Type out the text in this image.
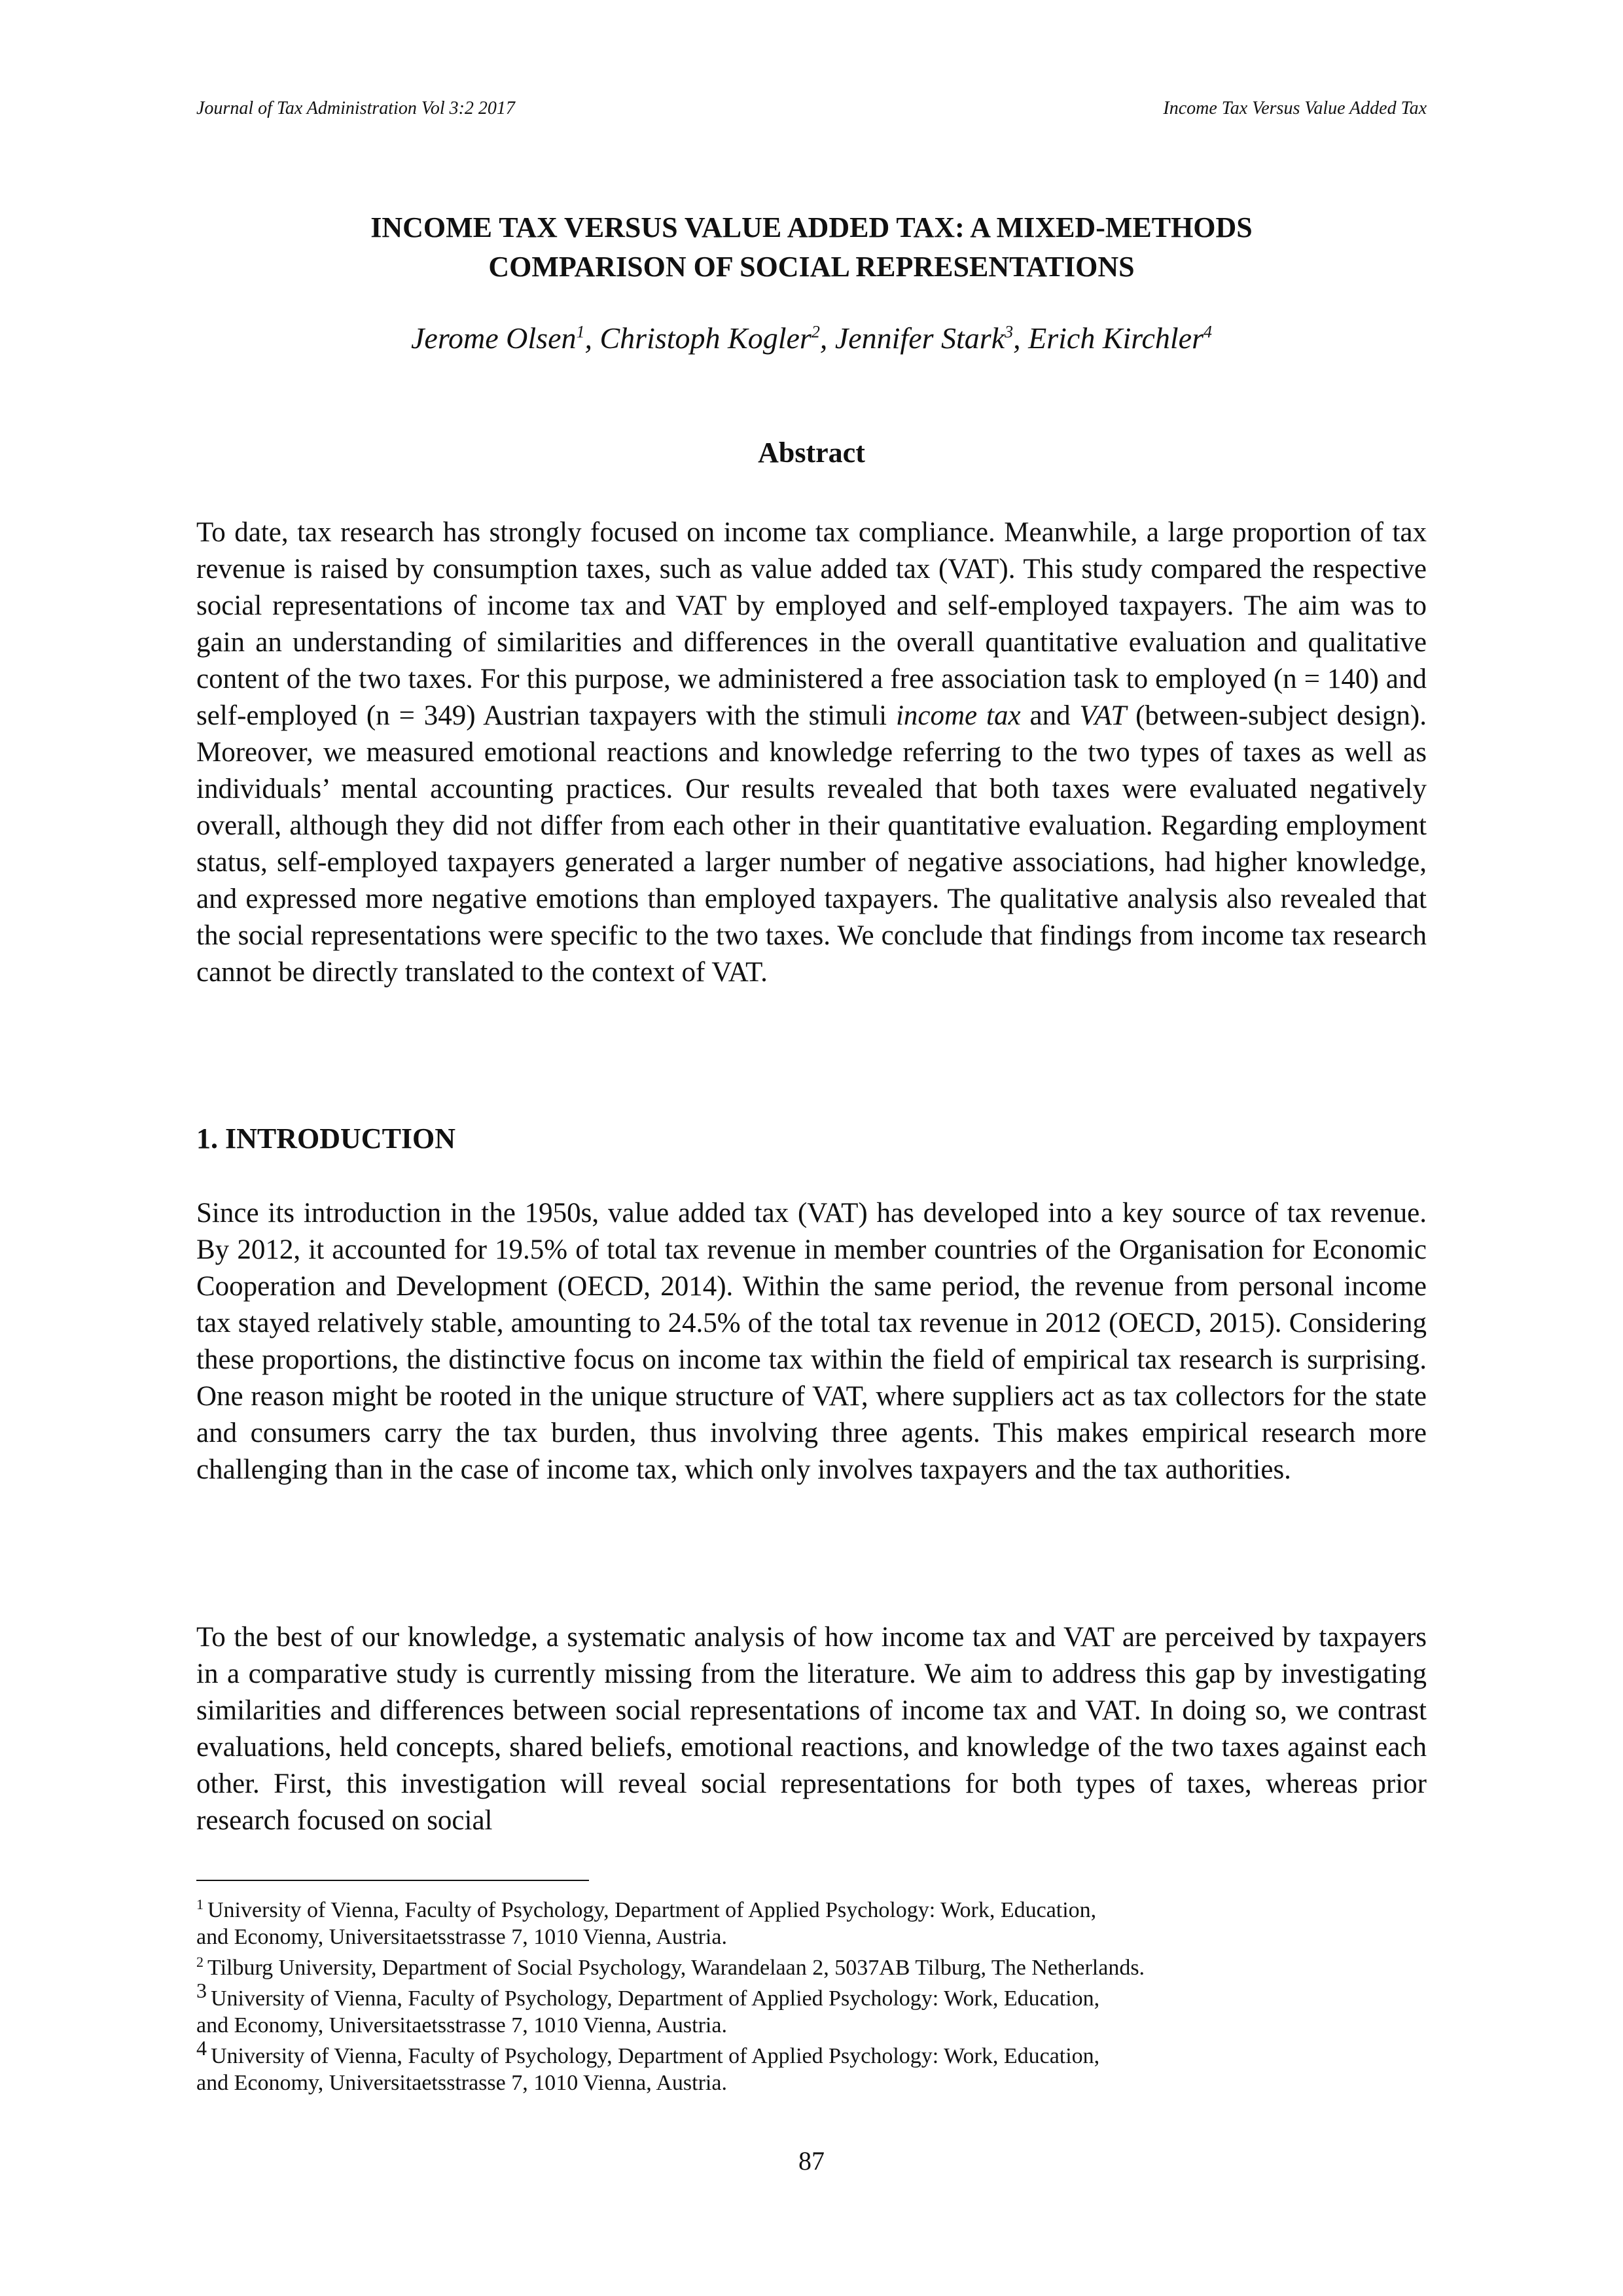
Journal of Tax Administration Vol 3:2 2017	Income Tax Versus Value Added Tax
INCOME TAX VERSUS VALUE ADDED TAX: A MIXED-METHODS
COMPARISON OF SOCIAL REPRESENTATIONS
Jerome Olsen$^1$, Christoph Kogler$^2$, Jennifer Stark$^3$, Erich Kirchler$^4$
Abstract

To date, tax research has strongly focused on income tax compliance. Meanwhile, a large proportion of tax revenue is raised by consumption taxes, such as value added tax (VAT). This study compared the respective social representations of income tax and VAT by employed and self-employed taxpayers. The aim was to gain an understanding of similarities and differences in the overall quantitative evaluation and qualitative content of the two taxes. For this purpose, we administered a free association task to employed (n = 140) and self-employed (n = 349) Austrian taxpayers with the stimuli income tax and VAT (between-subject design). Moreover, we measured emotional reactions and knowledge referring to the two types of taxes as well as individuals’ mental accounting practices. Our results revealed that both taxes were evaluated negatively overall, although they did not differ from each other in their quantitative evaluation. Regarding employment status, self-employed taxpayers generated a larger number of negative associations, had higher knowledge, and expressed more negative emotions than employed taxpayers. The qualitative analysis also revealed that the social representations were specific to the two taxes. We conclude that findings from income tax research cannot be directly translated to the context of VAT.

1. INTRODUCTION

Since its introduction in the 1950s, value added tax (VAT) has developed into a key source of tax revenue. By 2012, it accounted for 19.5% of total tax revenue in member countries of the Organisation for Economic Cooperation and Development (OECD, 2014). Within the same period, the revenue from personal income tax stayed relatively stable, amounting to 24.5% of the total tax revenue in 2012 (OECD, 2015). Considering these proportions, the distinctive focus on income tax within the field of empirical tax research is surprising. One reason might be rooted in the unique structure of VAT, where suppliers act as tax collectors for the state and consumers carry the tax burden, thus involving three agents. This makes empirical research more challenging than in the case of income tax, which only involves taxpayers and the tax authorities.

To the best of our knowledge, a systematic analysis of how income tax and VAT are perceived by taxpayers in a comparative study is currently missing from the literature. We aim to address this gap by investigating similarities and differences between social representations of income tax and VAT. In doing so, we contrast evaluations, held concepts, shared beliefs, emotional reactions, and knowledge of the two taxes against each other. First, this investigation will reveal social representations for both types of taxes, whereas prior research focused on social

$^1$ University of Vienna, Faculty of Psychology, Department of Applied Psychology: Work, Education,
and Economy, Universitaetsstrasse 7, 1010 Vienna, Austria.

$^2$ Tilburg University, Department of Social Psychology, Warandelaan 2, 5037AB Tilburg, The Netherlands.

$^3$ University of Vienna, Faculty of Psychology, Department of Applied Psychology: Work, Education,
and Economy, Universitaetsstrasse 7, 1010 Vienna, Austria.

$^4$ University of Vienna, Faculty of Psychology, Department of Applied Psychology: Work, Education,
and Economy, Universitaetsstrasse 7, 1010 Vienna, Austria.

87
